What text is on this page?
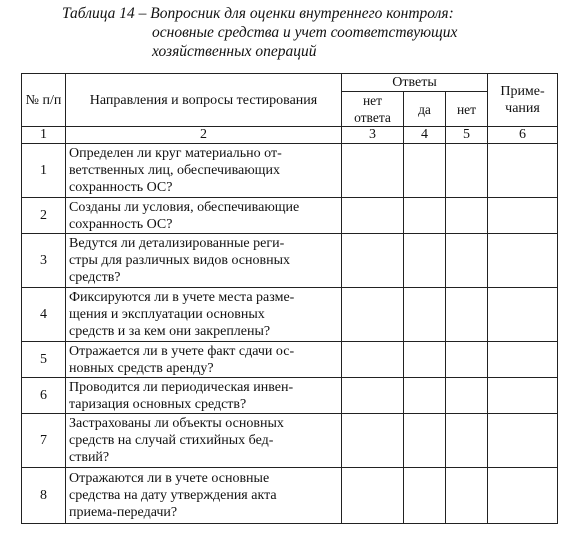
Таблица 14 – Вопросник для оценки внутреннего контроля:
основные средства и учет соответствующих
хозяйственных операций
№ п/п	Направления и вопросы тестирования	Ответы			Приме-чания
		нет ответа	да	нет	
1	2	3	4	5	6
1	Определен ли круг материально от-
ветственных лиц, обеспечивающих
сохранность ОС?				

2	Созданы ли условия, обеспечивающие
сохранность ОС?				

3	Ведутся ли детализированные реги-
стры для различных видов основных
средств?				

4	Фиксируются ли в учете места разме-
щения и эксплуатации основных
средств и за кем они закреплены?				

5	Отражается ли в учете факт сдачи ос-
новных средств аренду?				

6	Проводится ли периодическая инвен-
таризация основных средств?				

7	Застрахованы ли объекты основных
средств на случай стихийных бед-
ствий?				

8	Отражаются ли в учете основные
средства на дату утверждения акта
приема-передачи?				
